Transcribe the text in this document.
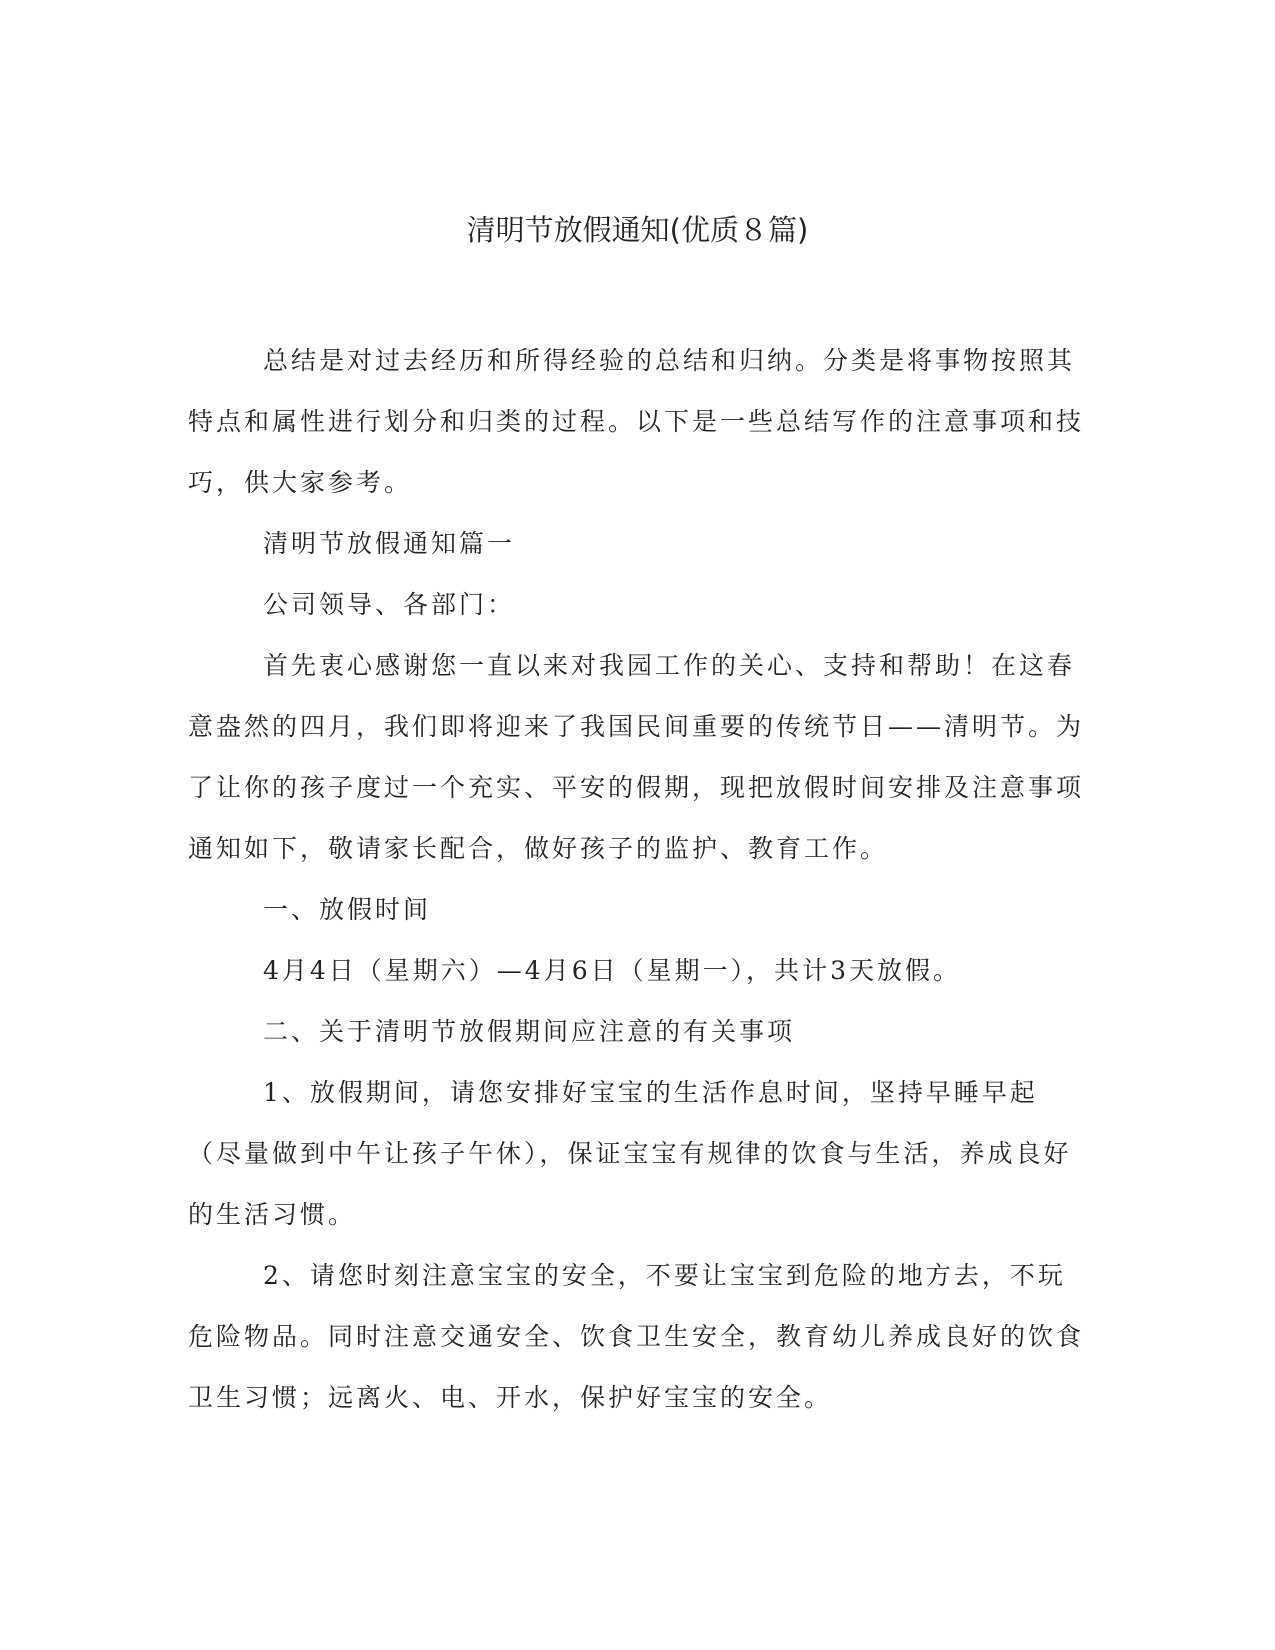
清明节放假通知(优质８篇)

总结是对过去经历和所得经验的总结和归纳。分类是将事物按照其特点和属性进行划分和归类的过程。以下是一些总结写作的注意事项和技巧，供大家参考。

清明节放假通知篇一

公司领导、各部门：

首先衷心感谢您一直以来对我园工作的关心、支持和帮助！在这春意盎然的四月，我们即将迎来了我国民间重要的传统节日——清明节。为了让你的孩子度过一个充实、平安的假期，现把放假时间安排及注意事项通知如下，敬请家长配合，做好孩子的监护、教育工作。

一、放假时间

4月4日（星期六）—4月6日（星期一），共计3天放假。

二、关于清明节放假期间应注意的有关事项

1、放假期间，请您安排好宝宝的生活作息时间，坚持早睡早起（尽量做到中午让孩子午休），保证宝宝有规律的饮食与生活，养成良好的生活习惯。

2、请您时刻注意宝宝的安全，不要让宝宝到危险的地方去，不玩危险物品。同时注意交通安全、饮食卫生安全，教育幼儿养成良好的饮食卫生习惯；远离火、电、开水，保护好宝宝的安全。
